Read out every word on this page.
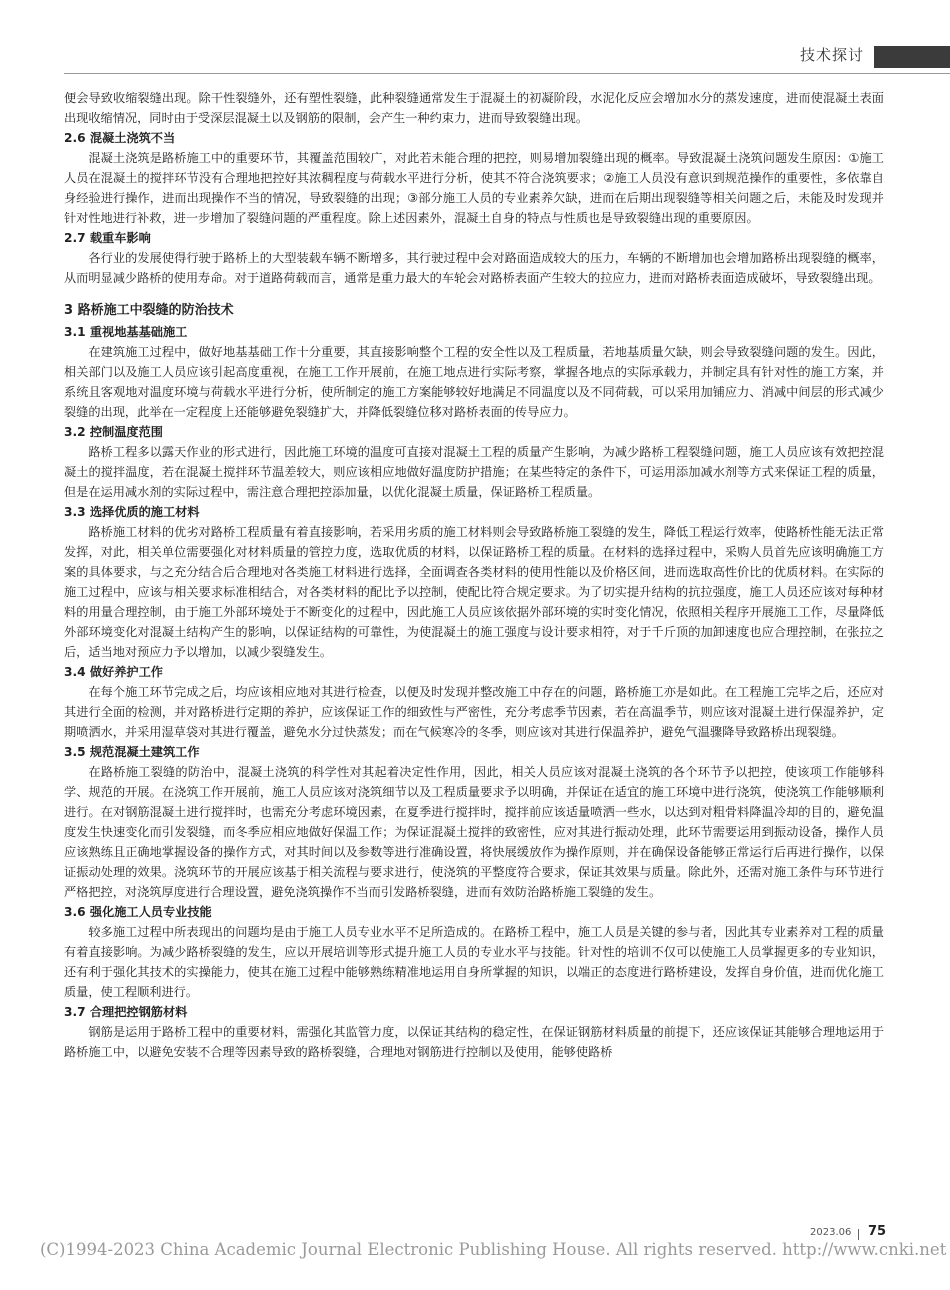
技术探讨

便会导致收缩裂缝出现。除干性裂缝外，还有塑性裂缝，此种裂缝通常发生于混凝土的初凝阶段，水泥化反应会增加水分的蒸发速度，进而使混凝土表面出现收缩情况，同时由于受深层混凝土以及钢筋的限制，会产生一种约束力，进而导致裂缝出现。

2.6 混凝土浇筑不当

混凝土浇筑是路桥施工中的重要环节，其覆盖范围较广，对此若未能合理的把控，则易增加裂缝出现的概率。导致混凝土浇筑问题发生原因：①施工人员在混凝土的搅拌环节没有合理地把控好其浓稠程度与荷载水平进行分析，使其不符合浇筑要求；②施工人员没有意识到规范操作的重要性，多依靠自身经验进行操作，进而出现操作不当的情况，导致裂缝的出现；③部分施工人员的专业素养欠缺，进而在后期出现裂缝等相关问题之后，未能及时发现并针对性地进行补救，进一步增加了裂缝问题的严重程度。除上述因素外，混凝土自身的特点与性质也是导致裂缝出现的重要原因。

2.7 载重车影响

各行业的发展使得行驶于路桥上的大型装载车辆不断增多，其行驶过程中会对路面造成较大的压力，车辆的不断增加也会增加路桥出现裂缝的概率，从而明显减少路桥的使用寿命。对于道路荷载而言，通常是重力最大的车轮会对路桥表面产生较大的拉应力，进而对路桥表面造成破坏，导致裂缝出现。

3 路桥施工中裂缝的防治技术
3.1 重视地基基础施工

在建筑施工过程中，做好地基基础工作十分重要，其直接影响整个工程的安全性以及工程质量，若地基质量欠缺，则会导致裂缝问题的发生。因此，相关部门以及施工人员应该引起高度重视，在施工工作开展前，在施工地点进行实际考察，掌握各地点的实际承载力，并制定具有针对性的施工方案，并系统且客观地对温度环境与荷载水平进行分析，使所制定的施工方案能够较好地满足不同温度以及不同荷载，可以采用加铺应力、消减中间层的形式减少裂缝的出现，此举在一定程度上还能够避免裂缝扩大，并降低裂缝位移对路桥表面的传导应力。

3.2 控制温度范围

路桥工程多以露天作业的形式进行，因此施工环境的温度可直接对混凝土工程的质量产生影响，为减少路桥工程裂缝问题，施工人员应该有效把控混凝土的搅拌温度，若在混凝土搅拌环节温差较大，则应该相应地做好温度防护措施；在某些特定的条件下，可运用添加减水剂等方式来保证工程的质量，但是在运用减水剂的实际过程中，需注意合理把控添加量，以优化混凝土质量，保证路桥工程质量。

3.3 选择优质的施工材料

路桥施工材料的优劣对路桥工程质量有着直接影响，若采用劣质的施工材料则会导致路桥施工裂缝的发生，降低工程运行效率，使路桥性能无法正常发挥，对此，相关单位需要强化对材料质量的管控力度，选取优质的材料，以保证路桥工程的质量。在材料的选择过程中，采购人员首先应该明确施工方案的具体要求，与之充分结合后合理地对各类施工材料进行选择，全面调查各类材料的使用性能以及价格区间，进而选取高性价比的优质材料。在实际的施工过程中，应该与相关要求标准相结合，对各类材料的配比予以控制，使配比符合规定要求。为了切实提升结构的抗拉强度，施工人员还应该对每种材料的用量合理控制，由于施工外部环境处于不断变化的过程中，因此施工人员应该依据外部环境的实时变化情况，依照相关程序开展施工工作，尽量降低外部环境变化对混凝土结构产生的影响，以保证结构的可靠性，为使混凝土的施工强度与设计要求相符，对于千斤顶的加卸速度也应合理控制，在张拉之后，适当地对预应力予以增加，以减少裂缝发生。

3.4 做好养护工作

在每个施工环节完成之后，均应该相应地对其进行检查，以便及时发现并整改施工中存在的问题，路桥施工亦是如此。在工程施工完毕之后，还应对其进行全面的检测，并对路桥进行定期的养护，应该保证工作的细致性与严密性，充分考虑季节因素，若在高温季节，则应该对混凝土进行保湿养护，定期喷洒水，并采用湿草袋对其进行覆盖，避免水分过快蒸发；而在气候寒冷的冬季，则应该对其进行保温养护，避免气温骤降导致路桥出现裂缝。

3.5 规范混凝土建筑工作

在路桥施工裂缝的防治中，混凝土浇筑的科学性对其起着决定性作用，因此，相关人员应该对混凝土浇筑的各个环节予以把控，使该项工作能够科学、规范的开展。在浇筑工作开展前，施工人员应该对浇筑细节以及工程质量要求予以明确，并保证在适宜的施工环境中进行浇筑，使浇筑工作能够顺利进行。在对钢筋混凝土进行搅拌时，也需充分考虑环境因素，在夏季进行搅拌时，搅拌前应该适量喷洒一些水，以达到对粗骨料降温冷却的目的，避免温度发生快速变化而引发裂缝，而冬季应相应地做好保温工作；为保证混凝土搅拌的致密性，应对其进行振动处理，此环节需要运用到振动设备，操作人员应该熟练且正确地掌握设备的操作方式，对其时间以及参数等进行准确设置，将快展缓放作为操作原则，并在确保设备能够正常运行后再进行操作，以保证振动处理的效果。浇筑环节的开展应该基于相关流程与要求进行，使浇筑的平整度符合要求，保证其效果与质量。除此外，还需对施工条件与环节进行严格把控，对浇筑厚度进行合理设置，避免浇筑操作不当而引发路桥裂缝，进而有效防治路桥施工裂缝的发生。

3.6 强化施工人员专业技能

较多施工过程中所表现出的问题均是由于施工人员专业水平不足所造成的。在路桥工程中，施工人员是关键的参与者，因此其专业素养对工程的质量有着直接影响。为减少路桥裂缝的发生，应以开展培训等形式提升施工人员的专业水平与技能。针对性的培训不仅可以使施工人员掌握更多的专业知识，还有利于强化其技术的实操能力，使其在施工过程中能够熟练精准地运用自身所掌握的知识，以端正的态度进行路桥建设，发挥自身价值，进而优化施工质量，使工程顺利进行。

3.7 合理把控钢筋材料

钢筋是运用于路桥工程中的重要材料，需强化其监管力度，以保证其结构的稳定性，在保证钢筋材料质量的前提下，还应该保证其能够合理地运用于路桥施工中，以避免安装不合理等因素导致的路桥裂缝，合理地对钢筋进行控制以及使用，能够使路桥

2023.06 75
(C)1994-2023 China Academic Journal Electronic Publishing House. All rights reserved. http://www.cnki.net
